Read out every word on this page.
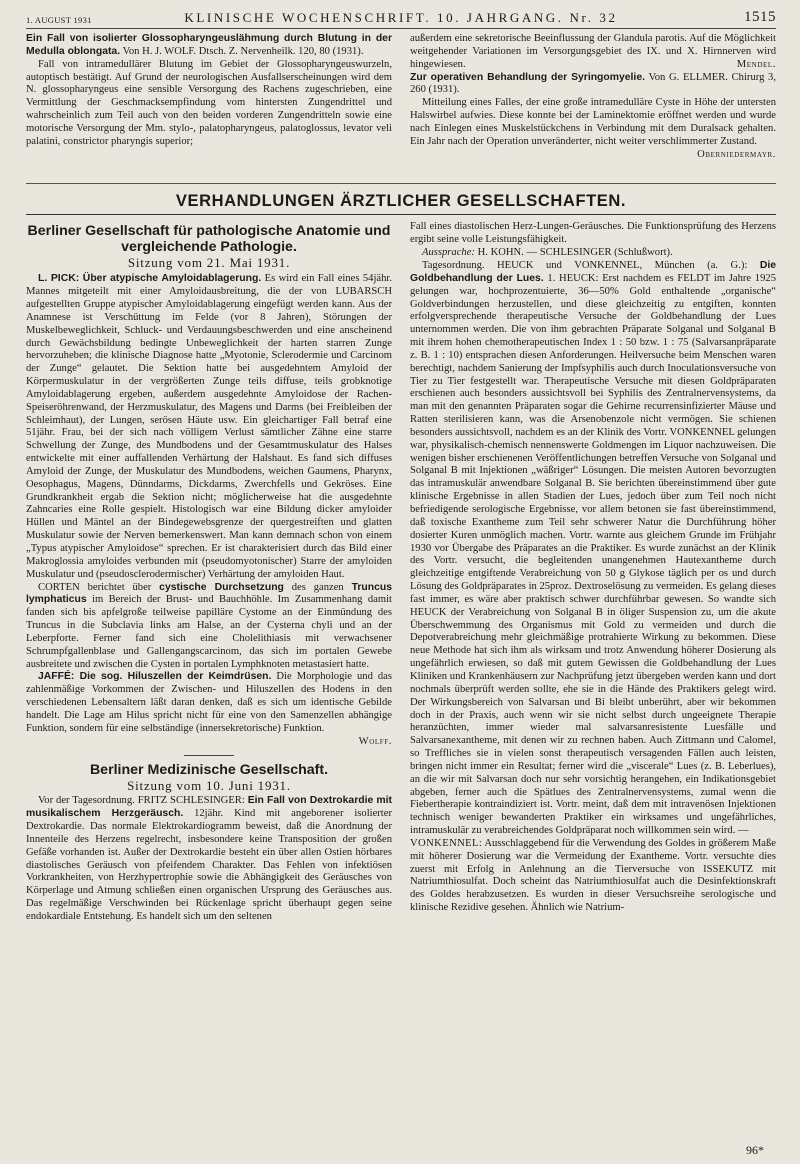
1. AUGUST 1931	KLINISCHE WOCHENSCHRIFT. 10. JAHRGANG. Nr. 32	1515

Ein Fall von isolierter Glossopharyngeuslähmung durch Blutung in der Medulla oblongata. Von H. J. WOLF. Dtsch. Z. Nervenheilk. 120, 80 (1931).

Fall von intramedullärer Blutung im Gebiet der Glossopharyngeuswurzeln, autoptisch bestätigt. Auf Grund der neurologischen Ausfallserscheinungen wird dem N. glossopharyngeus eine sensible Versorgung des Rachens zugeschrieben, eine Vermittlung der Geschmacksempfindung vom hintersten Zungendrittel und wahrscheinlich zum Teil auch von den beiden vorderen Zungendritteln sowie eine motorische Versorgung der Mm. stylo-, palatopharyngeus, palatoglossus, levator veli palatini, constrictor pharyngis superior;

außerdem eine sekretorische Beeinflussung der Glandula parotis. Auf die Möglichkeit weitgehender Variationen im Versorgungsgebiet des IX. und X. Hirnnerven wird hingewiesen.	Mendel.

Zur operativen Behandlung der Syringomyelie. Von G. ELLMER. Chirurg 3, 260 (1931).

Mitteilung eines Falles, der eine große intramedulläre Cyste in Höhe der untersten Halswirbel aufwies. Diese konnte bei der Laminektomie eröffnet werden und wurde nach Einlegen eines Muskelstückchens in Verbindung mit dem Duralsack gehalten. Ein Jahr nach der Operation unveränderter, nicht weiter verschlimmerter Zustand.
Oberniedermayr.

VERHANDLUNGEN ÄRZTLICHER GESELLSCHAFTEN.
Berliner Gesellschaft für pathologische Anatomie und vergleichende Pathologie.
Sitzung vom 21. Mai 1931.

L. PICK: Über atypische Amyloidablagerung. Es wird ein Fall eines 54jähr. Mannes mitgeteilt mit einer Amyloidausbreitung, die der von LUBARSCH aufgestellten Gruppe atypischer Amyloidablagerung eingefügt werden kann. Aus der Anamnese ist Verschüttung im Felde (vor 8 Jahren), Störungen der Muskelbeweglichkeit, Schluck- und Verdauungsbeschwerden und eine anscheinend durch Gewächsbildung bedingte Unbeweglichkeit der harten starren Zunge hervorzuheben; die klinische Diagnose hatte „Myotonie, Sclerodermie und Carcinom der Zunge“ gelautet. Die Sektion hatte bei ausgedehntem Amyloid der Körpermuskulatur in der vergrößerten Zunge teils diffuse, teils grobknotige Amyloidablagerung ergeben, außerdem ausgedehnte Amyloidose der Rachen-Speiseröhrenwand, der Herzmuskulatur, des Magens und Darms (bei Freibleiben der Schleimhaut), der Lungen, serösen Häute usw. Ein gleichartiger Fall betraf eine 51jähr. Frau, bei der sich nach völligem Verlust sämtlicher Zähne eine starre Schwellung der Zunge, des Mundbodens und der Gesamtmuskulatur des Halses entwickelte mit einer auffallenden Verhärtung der Halshaut. Es fand sich diffuses Amyloid der Zunge, der Muskulatur des Mundbodens, weichen Gaumens, Pharynx, Oesophagus, Magens, Dünndarms, Dickdarms, Zwerchfells und Gekröses. Eine Grundkrankheit ergab die Sektion nicht; möglicherweise hat die ausgedehnte Zahncaries eine Rolle gespielt. Histologisch war eine Bildung dicker amyloider Hüllen und Mäntel an der Bindegewebsgrenze der quergestreiften und glatten Muskulatur sowie der Nerven bemerkenswert. Man kann demnach schon von einem „Typus atypischer Amyloidose“ sprechen. Er ist charakterisiert durch das Bild einer Makroglossia amyloides verbunden mit (pseudomyotonischer) Starre der amyloiden Muskulatur und (pseudosclerodermischer) Verhärtung der amyloiden Haut.

CORTEN berichtet über cystische Durchsetzung des ganzen Truncus lymphaticus im Bereich der Brust- und Bauchhöhle. Im Zusammenhang damit fanden sich bis apfelgroße teilweise papilläre Cystome an der Einmündung des Truncus in die Subclavia links am Halse, an der Cysterna chyli und an der Leberpforte. Ferner fand sich eine Cholelithiasis mit verwachsener Schrumpfgallenblase und Gallengangscarcinom, das sich im portalen Gewebe ausbreitete und zwischen die Cysten in portalen Lymphknoten metastasiert hatte.

JAFFÉ: Die sog. Hiluszellen der Keimdrüsen. Die Morphologie und das zahlenmäßige Vorkommen der Zwischen- und Hiluszellen des Hodens in den verschiedenen Lebensaltern läßt daran denken, daß es sich um identische Gebilde handelt. Die Lage am Hilus spricht nicht für eine von den Samenzellen abhängige Funktion, sondern für eine selbständige (innersekretorische) Funktion.

Wolff.
Berliner Medizinische Gesellschaft.
Sitzung vom 10. Juni 1931.

Vor der Tagesordnung. FRITZ SCHLESINGER: Ein Fall von Dextrokardie mit musikalischem Herzgeräusch. 12jähr. Kind mit angeborener isolierter Dextrokardie. Das normale Elektrokardiogramm beweist, daß die Anordnung der Innenteile des Herzens regelrecht, insbesondere keine Transposition der großen Gefäße vorhanden ist. Außer der Dextrokardie besteht ein über allen Ostien hörbares diastolisches Geräusch von pfeifendem Charakter. Das Fehlen von infektiösen Vorkrankheiten, von Herzhypertrophie sowie die Abhängigkeit des Geräusches von Körperlage und Atmung schließen einen organischen Ursprung des Geräusches aus. Das regelmäßige Verschwinden bei Rückenlage spricht überhaupt gegen seine endokardiale Entstehung. Es handelt sich um den seltenen

Fall eines diastolischen Herz-Lungen-Geräusches. Die Funktionsprüfung des Herzens ergibt seine volle Leistungsfähigkeit.

Aussprache: H. KOHN. — SCHLESINGER (Schlußwort).

Tagesordnung. HEUCK und VONKENNEL, München (a. G.): Die Goldbehandlung der Lues. 1. HEUCK: Erst nachdem es FELDT im Jahre 1925 gelungen war, hochprozentuierte, 36—50% Gold enthaltende „organische“ Goldverbindungen herzustellen, und diese gleichzeitig zu entgiften, konnten erfolgversprechende therapeutische Versuche der Goldbehandlung der Lues unternommen werden. Die von ihm gebrachten Präparate Solganal und Solganal B mit ihrem hohen chemotherapeutischen Index 1 : 50 bzw. 1 : 75 (Salvarsanpräparate z. B. 1 : 10) entsprachen diesen Anforderungen. Heilversuche beim Menschen waren berechtigt, nachdem Sanierung der Impfsyphilis auch durch Inoculationsversuche von Tier zu Tier festgestellt war. Therapeutische Versuche mit diesen Goldpräparaten erschienen auch besonders aussichtsvoll bei Syphilis des Zentralnervensystems, da man mit den genannten Präparaten sogar die Gehirne recurrensinfizierter Mäuse und Ratten sterilisieren kann, was die Arsenobenzole nicht vermögen. Sie schienen besonders aussichtsvoll, nachdem es an der Klinik des Vortr. VONKENNEL gelungen war, physikalisch-chemisch nennenswerte Goldmengen im Liquor nachzuweisen. Die wenigen bisher erschienenen Veröffentlichungen betreffen Versuche von Solganal und Solganal B mit Injektionen „wäßriger“ Lösungen. Die meisten Autoren bevorzugten das intramuskulär anwendbare Solganal B. Sie berichten übereinstimmend über gute klinische Ergebnisse in allen Stadien der Lues, jedoch über zum Teil noch nicht befriedigende serologische Ergebnisse, vor allem betonen sie fast übereinstimmend, daß toxische Exantheme zum Teil sehr schwerer Natur die Durchführung höher dosierter Kuren unmöglich machen. Vortr. warnte aus gleichem Grunde im Frühjahr 1930 vor Übergabe des Präparates an die Praktiker. Es wurde zunächst an der Klinik des Vortr. versucht, die begleitenden unangenehmen Hautexantheme durch gleichzeitige entgiftende Verabreichung von 50 g Glykose täglich per os und durch Lösung des Goldpräparates in 25proz. Dextroselösung zu vermeiden. Es gelang dieses fast immer, es wäre aber praktisch schwer durchführbar gewesen. So wandte sich HEUCK der Verabreichung von Solganal B in öliger Suspension zu, um die akute Überschwemmung des Organismus mit Gold zu vermeiden und durch die Depotverabreichung mehr gleichmäßige protrahierte Wirkung zu bekommen. Diese neue Methode hat sich ihm als wirksam und trotz Anwendung höherer Dosierung als ungefährlich erwiesen, so daß mit gutem Gewissen die Goldbehandlung der Lues Kliniken und Krankenhäusern zur Nachprüfung jetzt übergeben werden kann und dort nochmals überprüft werden sollte, ehe sie in die Hände des Praktikers gelegt wird. Der Wirkungsbereich von Salvarsan und Bi bleibt unberührt, aber wir bekommen doch in der Praxis, auch wenn wir sie nicht selbst durch ungeeignete Therapie heranzüchten, immer wieder mal salvarsanresistente Luesfälle und Salvarsanexantheme, mit denen wir zu rechnen haben. Auch Zittmann und Calomel, so Treffliches sie in vielen sonst therapeutisch versagenden Fällen auch leisten, bringen nicht immer ein Resultat; ferner wird die „viscerale“ Lues (z. B. Leberlues), an die wir mit Salvarsan doch nur sehr vorsichtig herangehen, ein Indikationsgebiet abgeben, ferner auch die Spätlues des Zentralnervensystems, zumal wenn die Fiebertherapie kontraindiziert ist. Vortr. meint, daß dem mit intravenösen Injektionen technisch weniger bewanderten Praktiker ein wirksames und ungefährliches, intramuskulär zu verabreichendes Goldpräparat noch willkommen sein wird. —

VONKENNEL: Ausschlaggebend für die Verwendung des Goldes in größerem Maße mit höherer Dosierung war die Vermeidung der Exantheme. Vortr. versuchte dies zuerst mit Erfolg in Anlehnung an die Tierversuche von ISSEKUTZ mit Natriumthiosulfat. Doch scheint das Natriumthiosulfat auch die Desinfektionskraft des Goldes herabzusetzen. Es wurden in dieser Versuchsreihe serologische und klinische Rezidive gesehen. Ähnlich wie Natrium-

96*
